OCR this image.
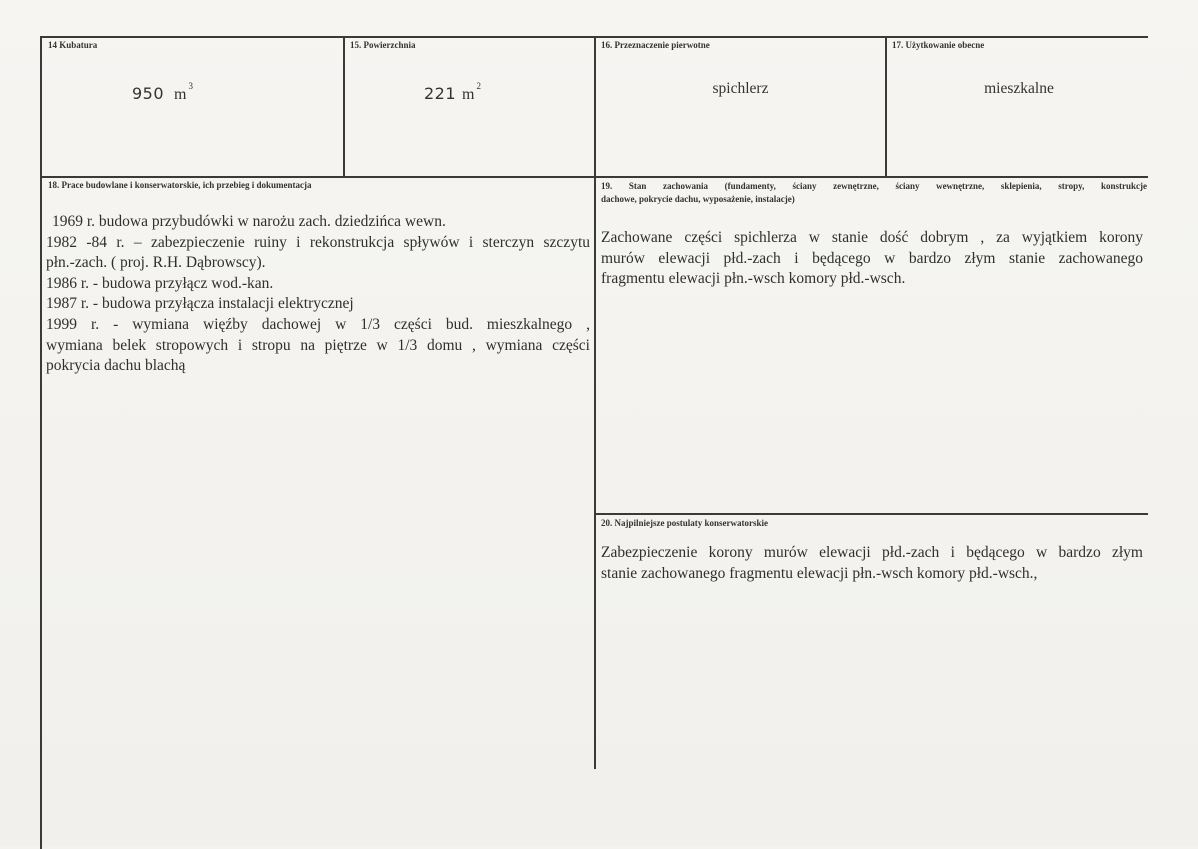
14 Kubatura
950 m $^3$
15. Powierzchnia
221 m $^2$
16. Przeznaczenie pierwotne
spichlerz
17. Użytkowanie obecne
mieszkalne
18. Prace budowlane i konserwatorskie, ich przebieg i dokumentacja

1969 r. budowa przybudówki w narożu zach. dziedzińca wewn.

1982 -84 r. – zabezpieczenie ruiny i rekonstrukcja spływów i sterczyn szczytu

płn.-zach. ( proj. R.H. Dąbrowscy).

1986 r. - budowa przyłącz wod.-kan.

1987 r. - budowa przyłącza instalacji elektrycznej

1999 r. - wymiana więźby dachowej w 1/3 części bud. mieszkalnego ,

wymiana belek stropowych i stropu na piętrze w 1/3 domu , wymiana części

pokrycia dachu blachą

19. Stan zachowania (fundamenty, ściany zewnętrzne, ściany wewnętrzne, sklepienia, stropy, konstrukcje
dachowe, pokrycie dachu, wyposażenie, instalacje)

Zachowane części spichlerza w stanie dość dobrym , za wyjątkiem korony

murów elewacji płd.-zach i będącego w bardzo złym stanie zachowanego

fragmentu elewacji płn.-wsch komory płd.-wsch.

20. Najpilniejsze postulaty konserwatorskie

Zabezpieczenie korony murów elewacji płd.-zach i będącego w bardzo złym

stanie zachowanego fragmentu elewacji płn.-wsch komory płd.-wsch.,
